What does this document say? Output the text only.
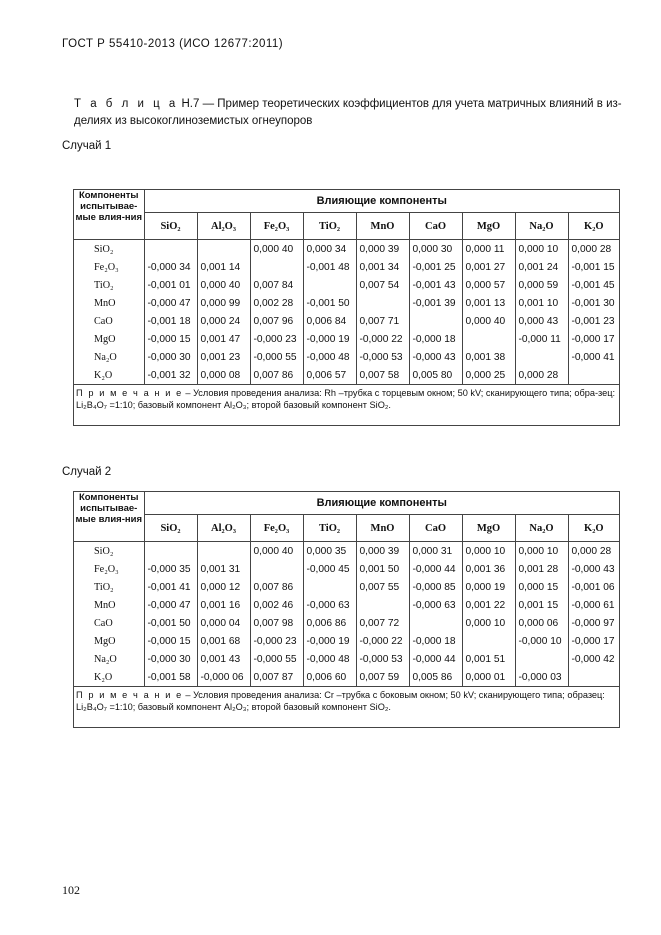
ГОСТ Р 55410-2013 (ИСО 12677:2011)
Т а б л и ц а Н.7 — Пример теоретических коэффициентов для учета матричных влияний в из-
делиях из высокоглиноземистых огнеупоров
Случай 1
Компоненты испытывае-мые влия-ния	Влияющие компоненты								
	SiO₂	Al₂O₃	Fe₂O₃	TiO₂	MnO	CaO	MgO	Na₂O	K₂O
SiO₂			0,000 40	0,000 34	0,000 39	0,000 30	0,000 11	0,000 10	0,000 28
Fe₂O₃	-0,000 34	0,001 14		-0,001 48	0,001 34	-0,001 25	0,001 27	0,001 24	-0,001 15
TiO₂	-0,001 01	0,000 40	0,007 84		0,007 54	-0,001 43	0,000 57	0,000 59	-0,001 45
MnO	-0,000 47	0,000 99	0,002 28	-0,001 50		-0,001 39	0,001 13	0,001 10	-0,001 30
CaO	-0,001 18	0,000 24	0,007 96	0,006 84	0,007 71		0,000 40	0,000 43	-0,001 23
MgO	-0,000 15	0,001 47	-0,000 23	-0,000 19	-0,000 22	-0,000 18		-0,000 11	-0,000 17
Na₂O	-0,000 30	0,001 23	-0,000 55	-0,000 48	-0,000 53	-0,000 43	0,001 38		-0,000 41
K₂O	-0,001 32	0,000 08	0,007 86	0,006 57	0,007 58	0,005 80	0,000 25	0,000 28	
П р и м е ч а н и е – Условия проведения анализа: Rh –трубка с торцевым окном; 50 kV; сканирующего типа; обра-зец: Li₂B₄O₇ =1:10; базовый компонент Al₂O₃; второй базовый компонент SiO₂.									
Случай 2
Компоненты испытывае-мые влия-ния	Влияющие компоненты								
	SiO₂	Al₂O₃	Fe₂O₃	TiO₂	MnO	CaO	MgO	Na₂O	K₂O
SiO₂			0,000 40	0,000 35	0,000 39	0,000 31	0,000 10	0,000 10	0,000 28
Fe₂O₃	-0,000 35	0,001 31		-0,000 45	0,001 50	-0,000 44	0,001 36	0,001 28	-0,000 43
TiO₂	-0,001 41	0,000 12	0,007 86		0,007 55	-0,000 85	0,000 19	0,000 15	-0,001 06
MnO	-0,000 47	0,001 16	0,002 46	-0,000 63		-0,000 63	0,001 22	0,001 15	-0,000 61
CaO	-0,001 50	0,000 04	0,007 98	0,006 86	0,007 72		0,000 10	0,000 06	-0,000 97
MgO	-0,000 15	0,001 68	-0,000 23	-0,000 19	-0,000 22	-0,000 18		-0,000 10	-0,000 17
Na₂O	-0,000 30	0,001 43	-0,000 55	-0,000 48	-0,000 53	-0,000 44	0,001 51		-0,000 42
K₂O	-0,001 58	-0,000 06	0,007 87	0,006 60	0,007 59	0,005 86	0,000 01	-0,000 03	
П р и м е ч а н и е – Условия проведения анализа: Cr –трубка с боковым окном; 50 kV; сканирующего типа; образец: Li₂B₄O₇ =1:10; базовый компонент Al₂O₃; второй базовый компонент SiO₂.									
102
